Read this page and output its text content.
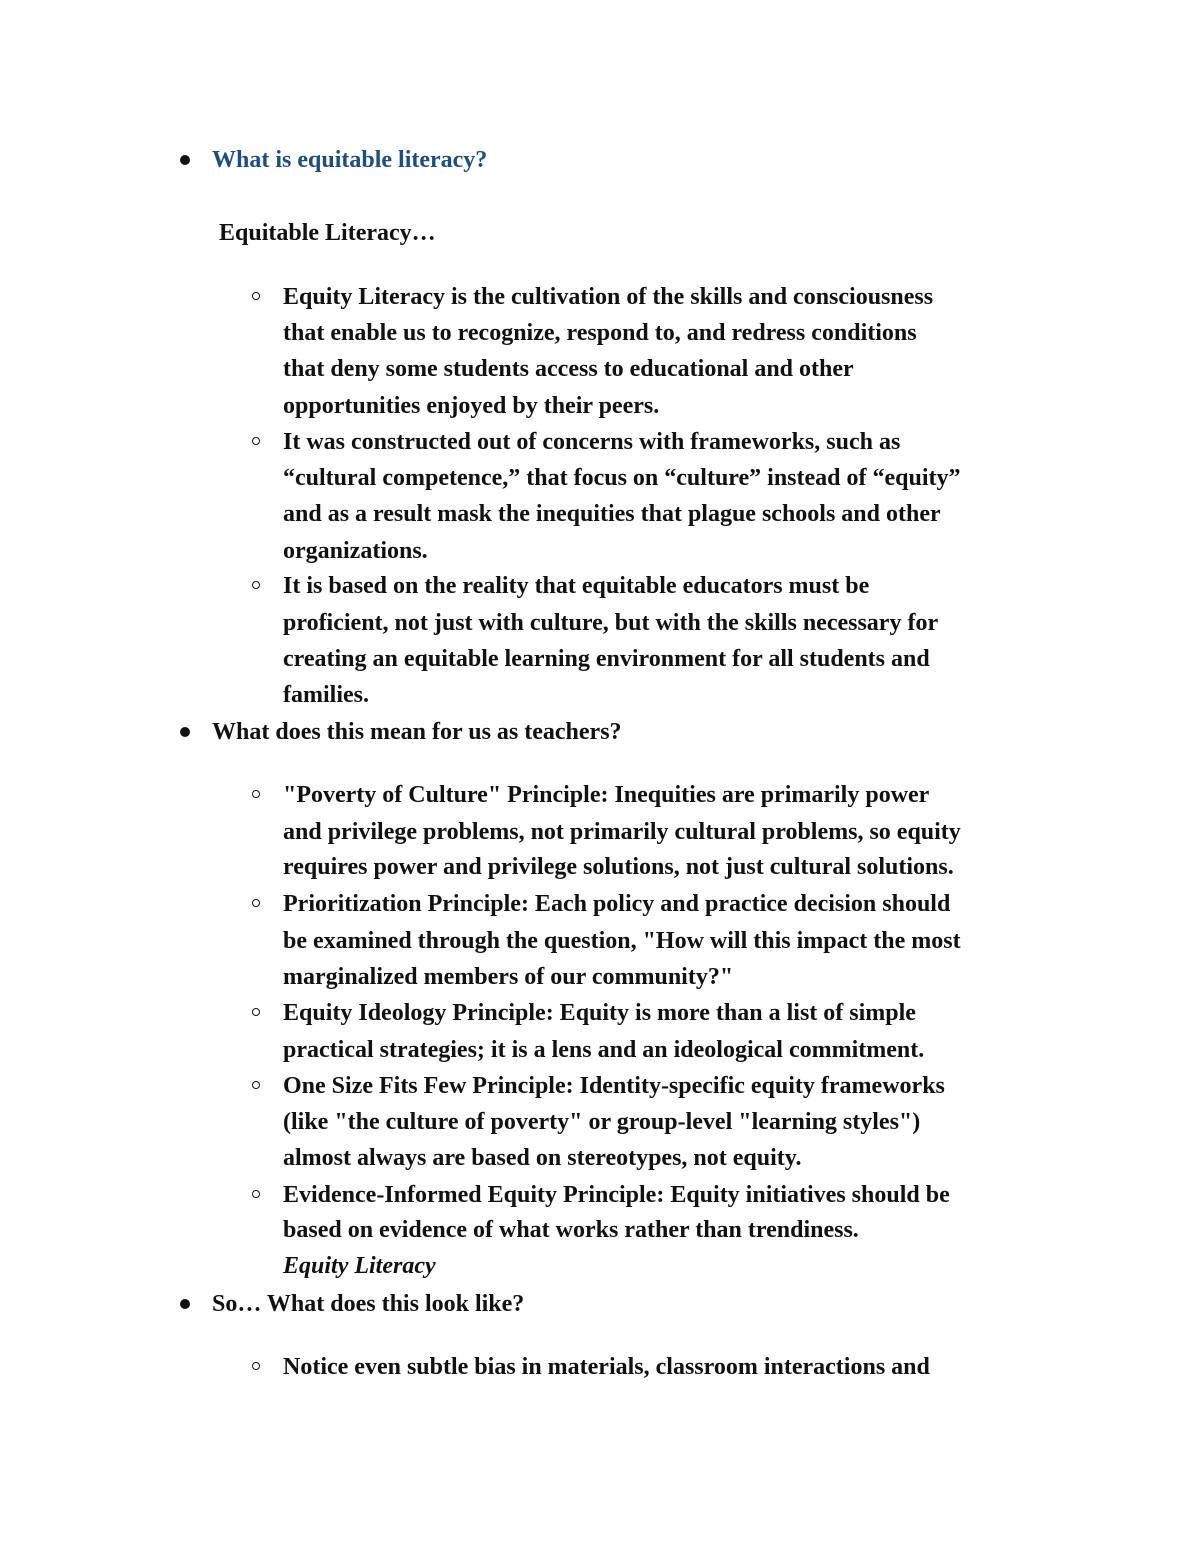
What is equitable literacy?
Equitable Literacy…
Equity Literacy is the cultivation of the skills and consciousness
that enable us to recognize, respond to, and redress conditions
that deny some students access to educational and other
opportunities enjoyed by their peers.
It was constructed out of concerns with frameworks, such as
“cultural competence,” that focus on “culture” instead of “equity”
and as a result mask the inequities that plague schools and other
organizations.
It is based on the reality that equitable educators must be
proficient, not just with culture, but with the skills necessary for
creating an equitable learning environment for all students and
families.
What does this mean for us as teachers?
"Poverty of Culture" Principle: Inequities are primarily power
and privilege problems, not primarily cultural problems, so equity
requires power and privilege solutions, not just cultural solutions.
Prioritization Principle: Each policy and practice decision should
be examined through the question, "How will this impact the most
marginalized members of our community?"
Equity Ideology Principle: Equity is more than a list of simple
practical strategies; it is a lens and an ideological commitment.
One Size Fits Few Principle: Identity-specific equity frameworks
(like "the culture of poverty" or group-level "learning styles")
almost always are based on stereotypes, not equity.
Evidence-Informed Equity Principle: Equity initiatives should be
based on evidence of what works rather than trendiness.
Equity Literacy
So… What does this look like?
Notice even subtle bias in materials, classroom interactions and
